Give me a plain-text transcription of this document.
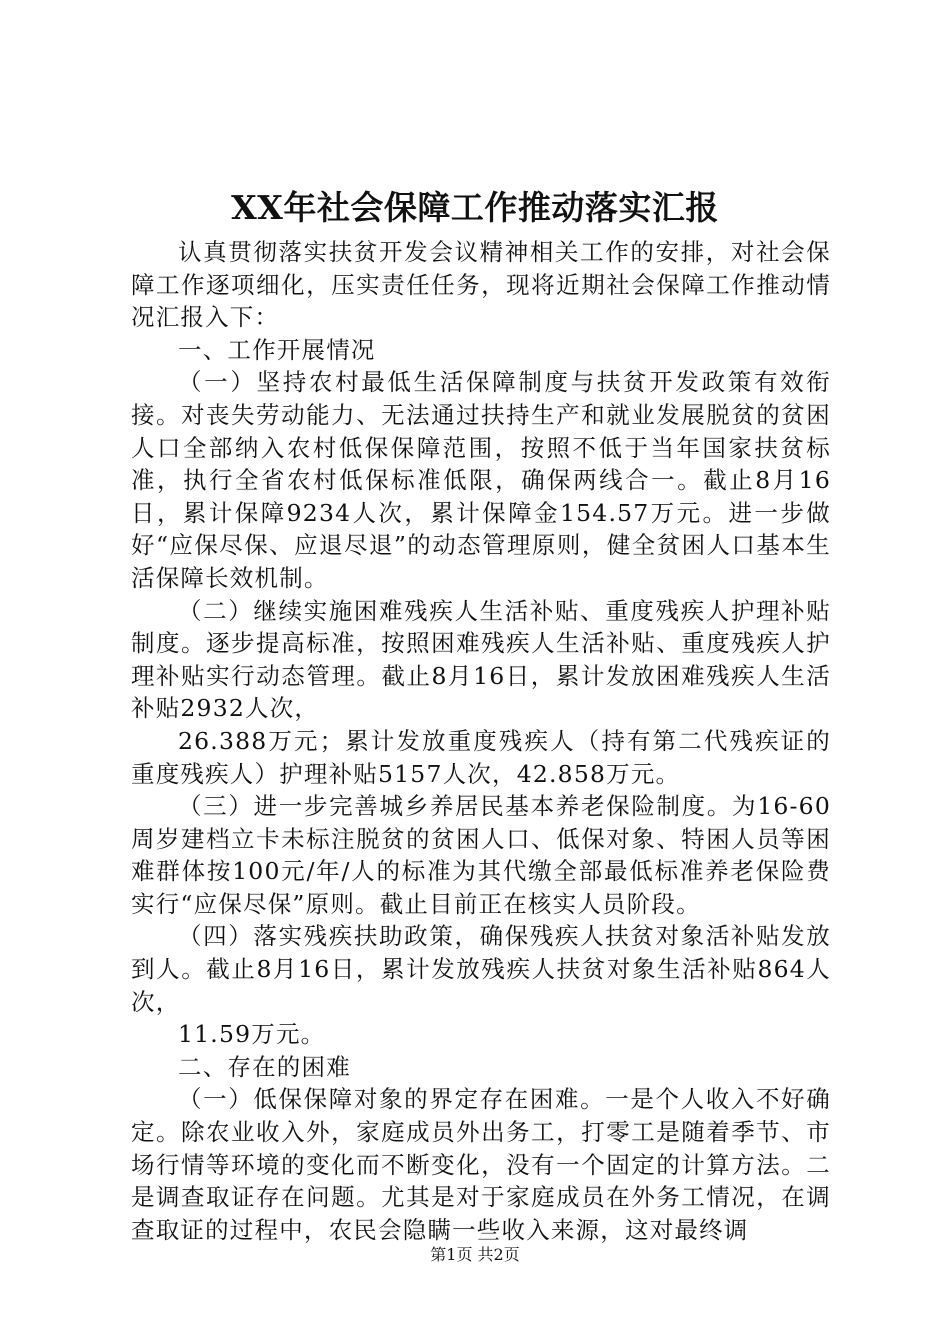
XX年社会保障工作推动落实汇报

认真贯彻落实扶贫开发会议精神相关工作的安排，对社会保障工作逐项细化，压实责任任务，现将近期社会保障工作推动情况汇报入下：

一、工作开展情况

（一）坚持农村最低生活保障制度与扶贫开发政策有效衔接。对丧失劳动能力、无法通过扶持生产和就业发展脱贫的贫困人口全部纳入农村低保保障范围，按照不低于当年国家扶贫标准，执行全省农村低保标准低限，确保两线合一。截止8月16日，累计保障9234人次，累计保障金154.57万元。进一步做好“应保尽保、应退尽退”的动态管理原则，健全贫困人口基本生活保障长效机制。

（二）继续实施困难残疾人生活补贴、重度残疾人护理补贴制度。逐步提高标准，按照困难残疾人生活补贴、重度残疾人护理补贴实行动态管理。截止8月16日，累计发放困难残疾人生活补贴2932人次，

26.388万元；累计发放重度残疾人（持有第二代残疾证的重度残疾人）护理补贴5157人次，42.858万元。

（三）进一步完善城乡养居民基本养老保险制度。为16-60周岁建档立卡未标注脱贫的贫困人口、低保对象、特困人员等困难群体按100元/年/人的标准为其代缴全部最低标准养老保险费实行“应保尽保”原则。截止目前正在核实人员阶段。

（四）落实残疾扶助政策，确保残疾人扶贫对象活补贴发放到人。截止8月16日，累计发放残疾人扶贫对象生活补贴864人次，

11.59万元。

二、存在的困难

（一）低保保障对象的界定存在困难。一是个人收入不好确定。除农业收入外，家庭成员外出务工，打零工是随着季节、市场行情等环境的变化而不断变化，没有一个固定的计算方法。二是调查取证存在问题。尤其是对于家庭成员在外务工情况，在调查取证的过程中，农民会隐瞒一些收入来源，这对最终调

第1页 共2页
